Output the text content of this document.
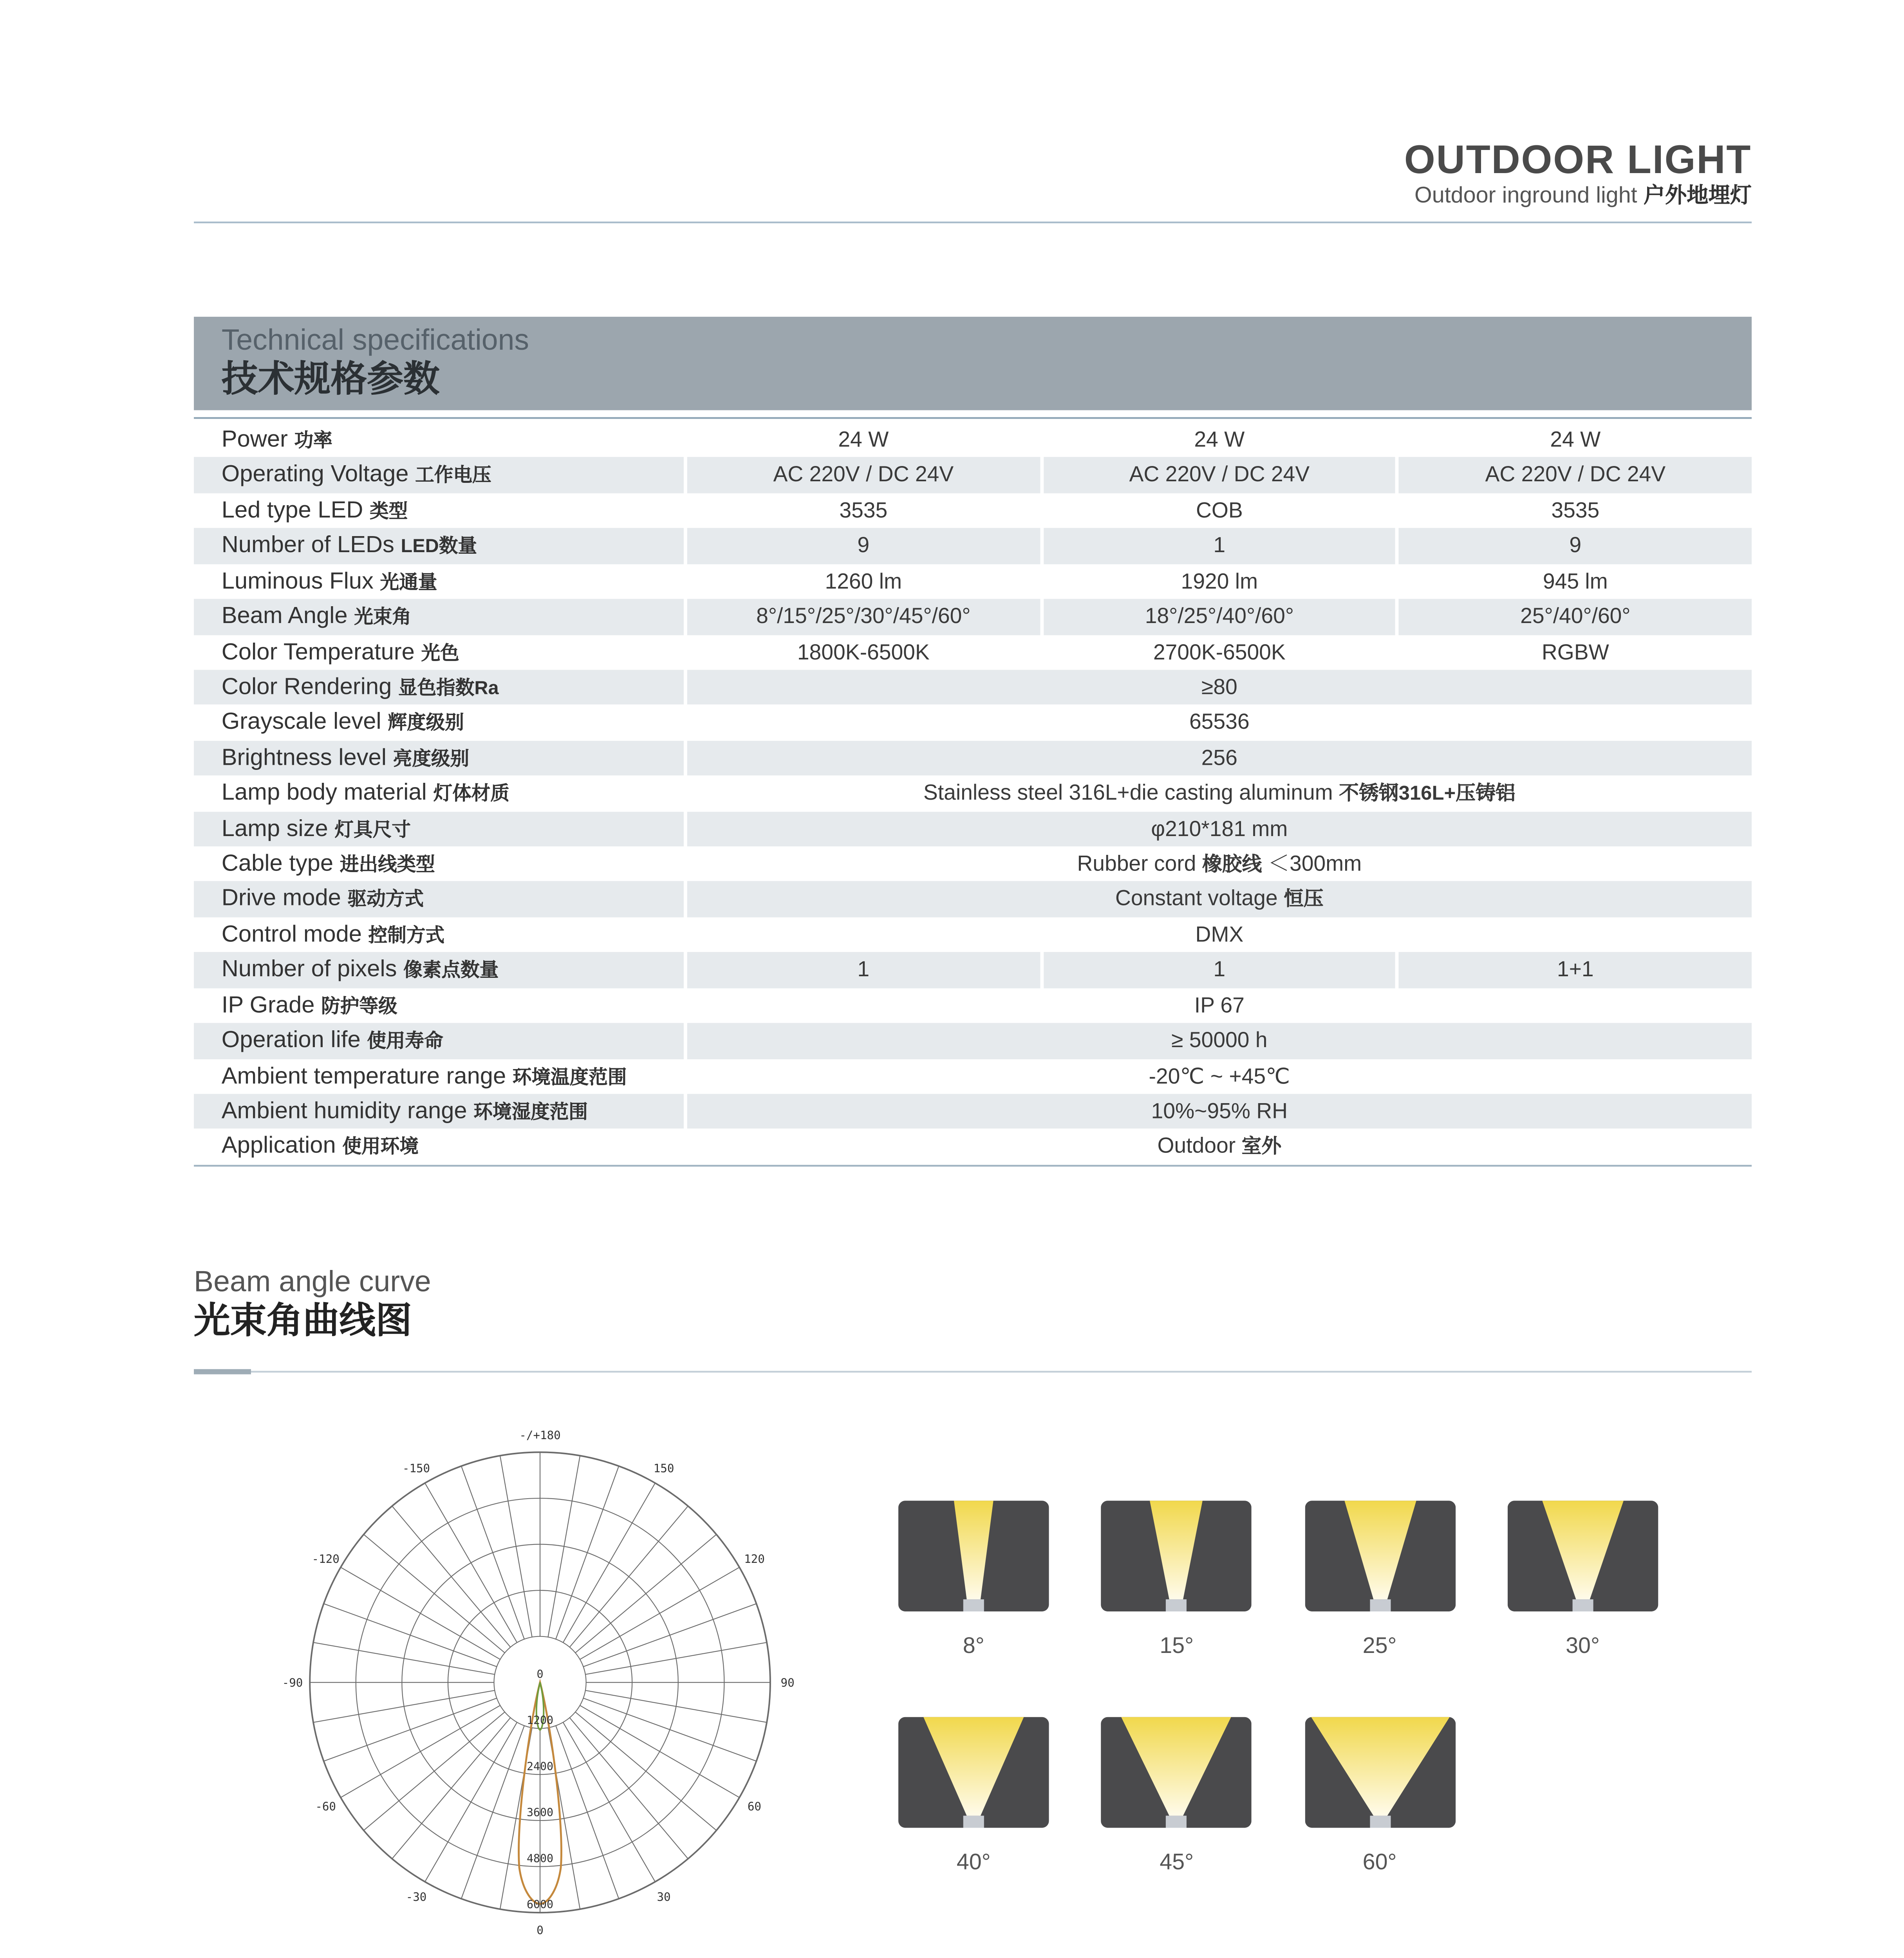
OUTDOOR LIGHT
Outdoor inground light 户外地埋灯
Technical specifications
技术规格参数
Power 功率	24 W	24 W	24 W
Operating Voltage 工作电压	AC 220V / DC 24V	AC 220V / DC 24V	AC 220V / DC 24V
Led type LED 类型	3535	COB	3535
Number of LEDs LED数量	9	1	9
Luminous Flux 光通量	1260 lm	1920 lm	945 lm
Beam Angle 光束角	8°/15°/25°/30°/45°/60°	18°/25°/40°/60°	25°/40°/60°
Color Temperature 光色	1800K-6500K	2700K-6500K	RGBW
Color Rendering 显色指数Ra	≥80
Grayscale level 辉度级别	65536
Brightness level 亮度级别	256
Lamp body material 灯体材质	Stainless steel 316L+die casting aluminum 不锈钢316L+压铸铝
Lamp size 灯具尺寸	φ210*181 mm
Cable type 进出线类型	Rubber cord 橡胶线 ＜300mm
Drive mode 驱动方式	Constant voltage 恒压
Control mode 控制方式	DMX
Number of pixels 像素点数量	1	1	1+1
IP Grade 防护等级	IP 67
Operation life 使用寿命	≥ 50000 h
Ambient temperature range 环境温度范围	-20℃ ~ +45℃
Ambient humidity range 环境湿度范围	10%~95% RH
Application 使用环境	Outdoor 室外
Beam angle curve
光束角曲线图
-/+180
150
-150
120
-120
90
-90
60
-60
30
-30
0
0
1200
2400
3600
4800
6000
8°	15°	25°	30°
40°	45°	60°
